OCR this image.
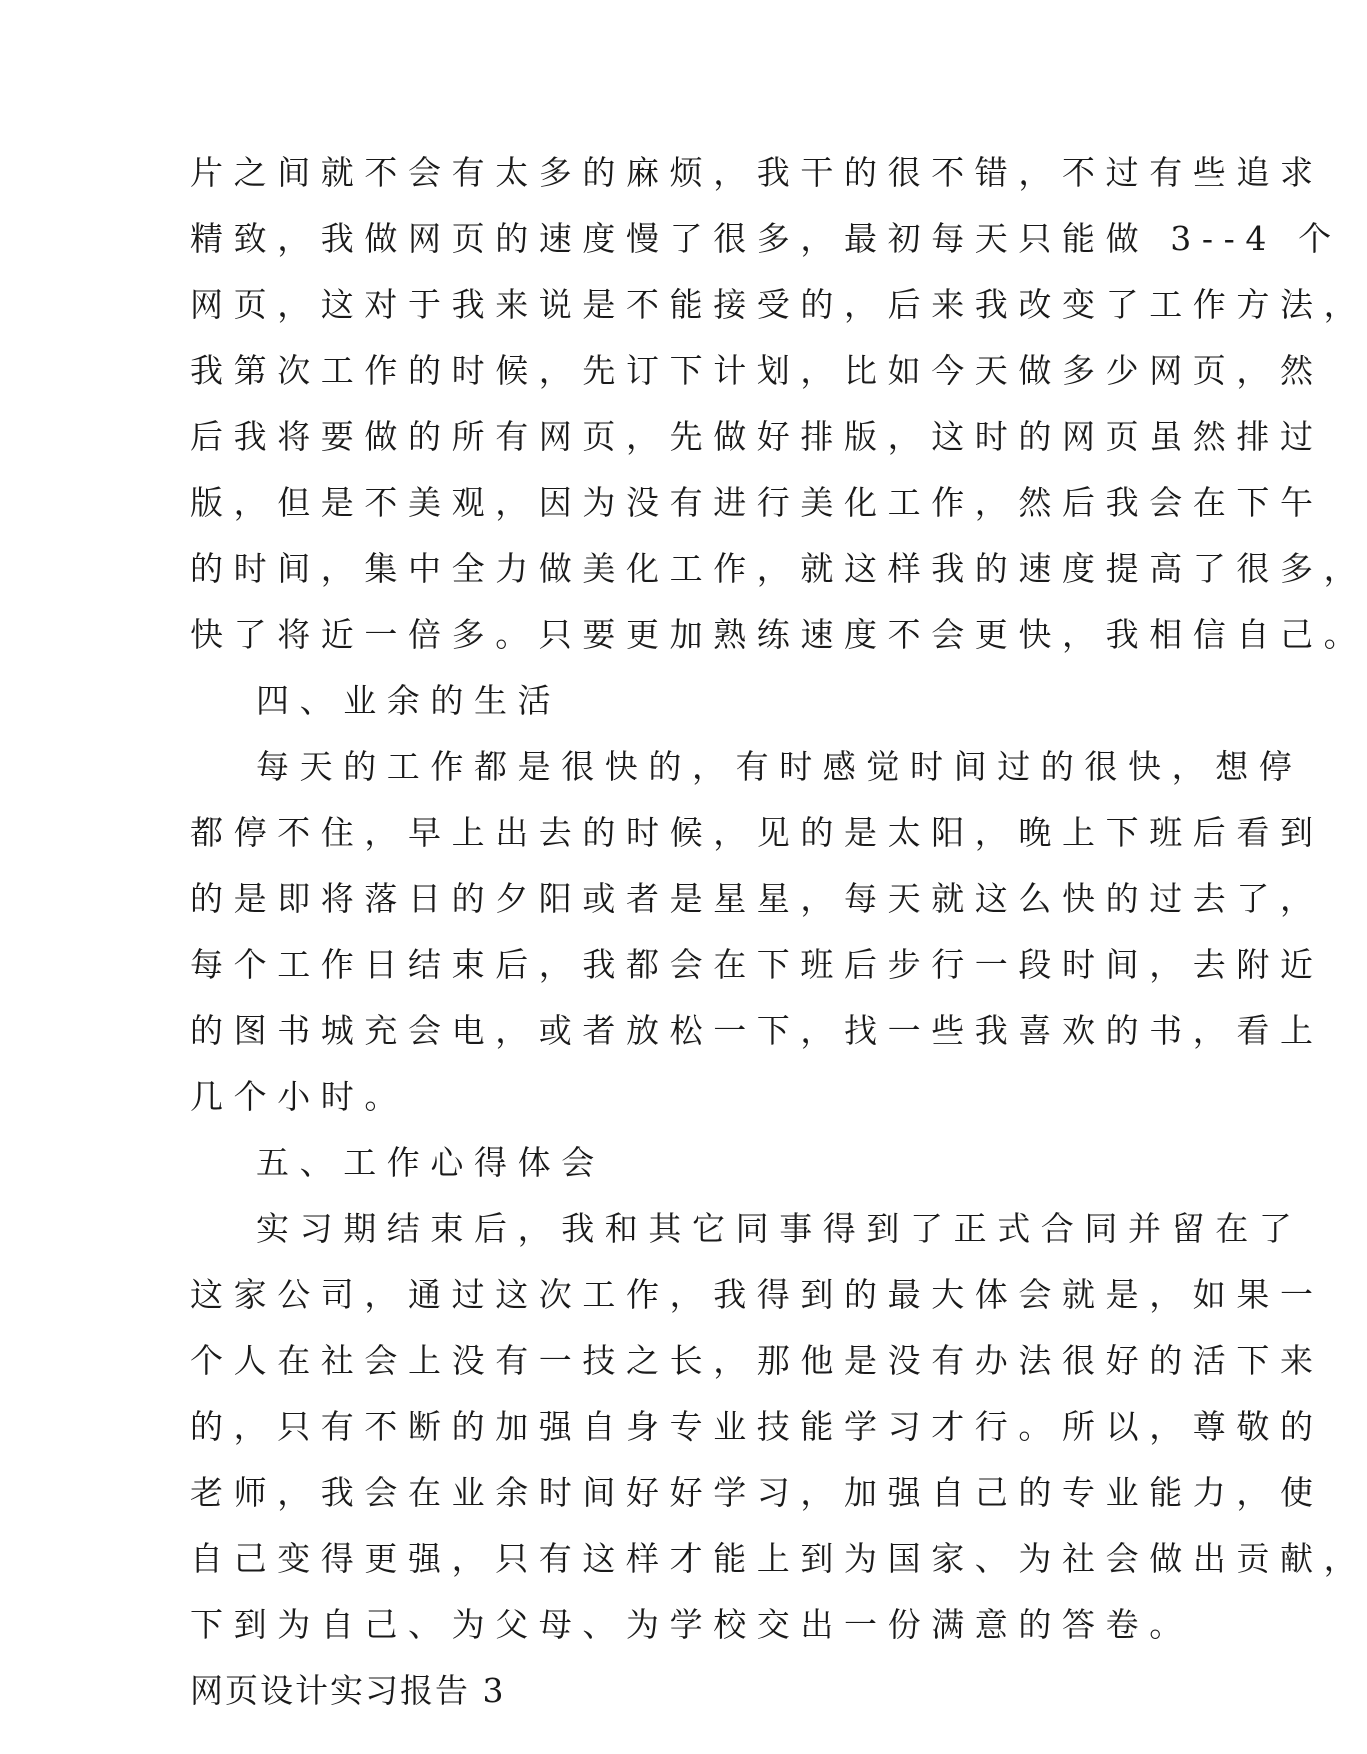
片之间就不会有太多的麻烦，我干的很不错，不过有些追求
精致，我做网页的速度慢了很多，最初每天只能做 3--4 个
网页，这对于我来说是不能接受的，后来我改变了工作方法，
我第次工作的时候，先订下计划，比如今天做多少网页，然
后我将要做的所有网页，先做好排版，这时的网页虽然排过
版，但是不美观，因为没有进行美化工作，然后我会在下午
的时间，集中全力做美化工作，就这样我的速度提高了很多，
快了将近一倍多。只要更加熟练速度不会更快，我相信自己。
四、业余的生活
每天的工作都是很快的，有时感觉时间过的很快，想停
都停不住，早上出去的时候，见的是太阳，晚上下班后看到
的是即将落日的夕阳或者是星星，每天就这么快的过去了，
每个工作日结束后，我都会在下班后步行一段时间，去附近
的图书城充会电，或者放松一下，找一些我喜欢的书，看上
几个小时。
五、工作心得体会
实习期结束后，我和其它同事得到了正式合同并留在了
这家公司，通过这次工作，我得到的最大体会就是，如果一
个人在社会上没有一技之长，那他是没有办法很好的活下来
的，只有不断的加强自身专业技能学习才行。所以，尊敬的
老师，我会在业余时间好好学习，加强自己的专业能力，使
自己变得更强，只有这样才能上到为国家、为社会做出贡献，
下到为自己、为父母、为学校交出一份满意的答卷。
网页设计实习报告 3
